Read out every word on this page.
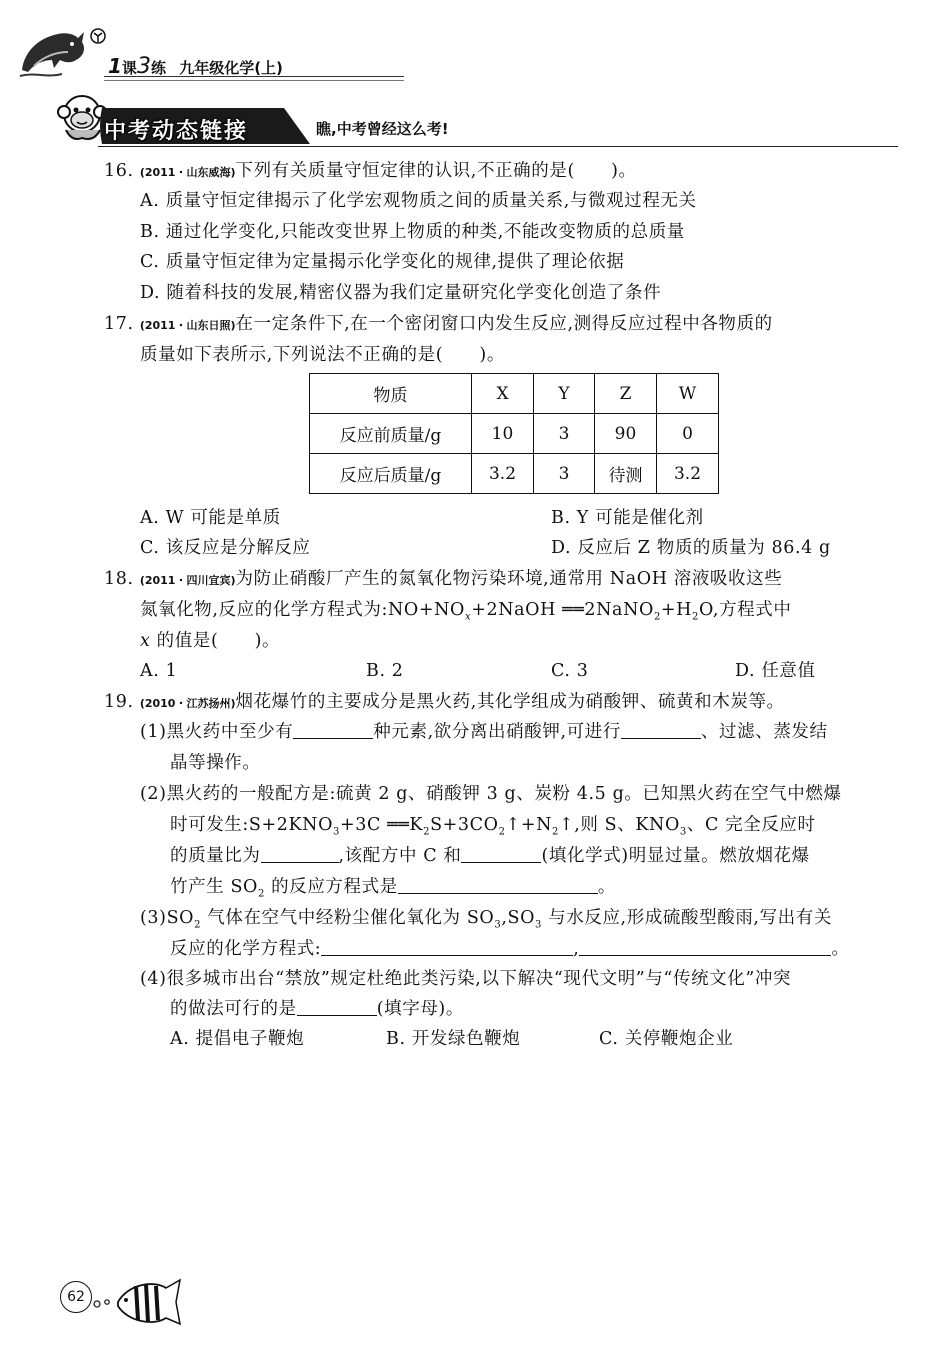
1课3练 九年级化学(上)
中考动态链接	瞧,中考曾经这么考!
16. (2011・山东威海)下列有关质量守恒定律的认识,不正确的是(　　)。
A. 质量守恒定律揭示了化学宏观物质之间的质量关系,与微观过程无关
B. 通过化学变化,只能改变世界上物质的种类,不能改变物质的总质量
C. 质量守恒定律为定量揭示化学变化的规律,提供了理论依据
D. 随着科技的发展,精密仪器为我们定量研究化学变化创造了条件
17. (2011・山东日照)在一定条件下,在一个密闭窗口内发生反应,测得反应过程中各物质的
质量如下表所示,下列说法不正确的是(　　)。
物质	X	Y	Z	W
反应前质量/g	10	3	90	0
反应后质量/g	3.2	3	待测	3.2
A. W 可能是单质	B. Y 可能是催化剂
C. 该反应是分解反应	D. 反应后 Z 物质的质量为 86.4 g
18. (2011・四川宜宾)为防止硝酸厂产生的氮氧化物污染环境,通常用 NaOH 溶液吸收这些
氮氧化物,反应的化学方程式为$:NO+NO_x+2NaOH$ $══2NaNO_2+H_2O$,方程式中
x 的值是(　　)。
A. 1	B. 2	C. 3	D. 任意值
19. (2010・江苏扬州)烟花爆竹的主要成分是黑火药,其化学组成为硝酸钾、硫黄和木炭等。
(1)黑火药中至少有	种元素,欲分离出硝酸钾,可进行	、过滤、蒸发结
晶等操作。
(2)黑火药的一般配方是:硫黄 2 g、硝酸钾 3 g、炭粉 4.5 g。已知黑火药在空气中燃爆
时可发生$:S+2KNO_3+3C$ $══K_2S+3CO_2↑+N_2↑$,则 S、$KNO_3$、C 完全反应时
的质量比为	,该配方中 C 和	(填化学式)明显过量。燃放烟花爆
竹产生 $SO_2$ 的反应方程式是	。
$(3)SO_2$ 气体在空气中经粉尘催化氧化为 $SO_3,SO_3$ 与水反应,形成硫酸型酸雨,写出有关
反应的化学方程式:	,	。
(4)很多城市出台“禁放”规定杜绝此类污染,以下解决“现代文明”与“传统文化”冲突
的做法可行的是	(填字母)。
A. 提倡电子鞭炮	B. 开发绿色鞭炮	C. 关停鞭炮企业
62
